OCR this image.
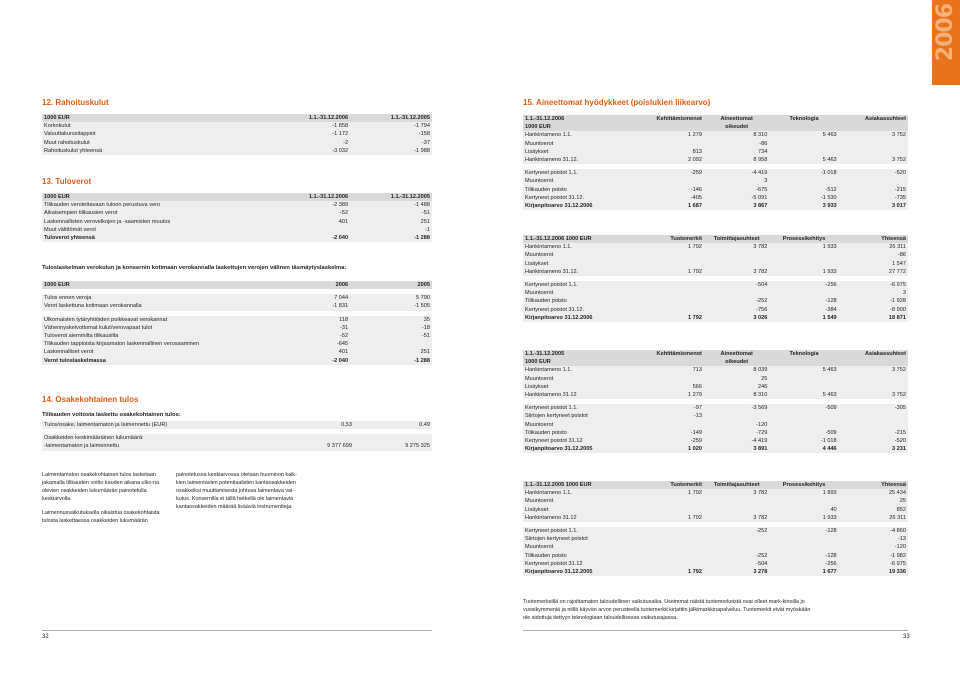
2006
12. Rahoituskulut
1000 EUR	1.1.-31.12.2006	1.1.-31.12.2005
Korkokulut	-1 858	-1 794
Valuuttakurssitappiot	-1 172	-158
Muut rahoituskulut	-2	-37
Rahoituskulut yhteensä	-3 032	-1 988
13. Tuloverot
1000 EUR	1.1.-31.12.2006	1.1.-31.12.2005
Tilikauden verotettavaan tuloon perustuva vero	-2 389	-1 488
Aikaisempien tilikausien verot	-52	-51
Laskennallisten verovelkojen ja -saamisten muutos	401	251
Muut välittömät verot		-1
Tuloverot yhteensä	-2 040	-1 288
Tuloslaskelman verokulun ja konsernin kotimaan verokannalla laskettujen verojen välinen täsmäytyslaskelma:
1000 EUR	2006	2005

Tulos ennen veroja	7 044	5 790
Verot laskettuna kotimaan verokannalla	-1 831	-1 505

Ulkomaisten tytäryhtiöiden poikkeavat verokannat	118	35
Vähennyskelvottomat kulut/verovapaat tulot	-31	-18
Tuloverot aiemmilta tilikausilta	-52	-51
Tilikauden tappioista kirjaamaton laskennallinen verosaaminen	-645	
Laskennalliset verot	401	251
Verot tuloslaskelmassa	-2 040	-1 288
14. Osakekohtainen tulos
Tilikauden voitosta laskettu osakekohtainen tulos:
Tulos/osake, laimentamaton ja laimennettu (EUR)	0,53	0,49

Osakkeiden keskimääräinen lukumäärä:		
-laimentamaton ja laimennettu	9 377 699	9 275 325

Laimentamaton osakekohtainen tulos lasketaan jakamalla tilikauden voitto kauden aikana ulko-na olevien osakkeiden lukumäärän painotetulla keskiarvolla.

Laimennusvaikutuksella oikaistua osakekohtaista tulosta laskettaessa osakkeiden lukumäärän

painotetussa keskiarvossa otetaan huomioon kaik-kien laimentavien potentiaalisten kantaosakkeiden osakkeiksi muuttamisesta johtuva laimentava vai-kutus. Konsernilla ei tällä hetkellä ole laimentavia kantaosakkeiden määrää lisääviä instrumentteja.
32
15. Aineettomat hyödykkeet (poislukien liikearvo)
1.1.-31.12.2006	Kehittämismenot	Aineettomat	Teknologia	Asiakassuhteet
1000 EUR		oikeudet		
Hankintameno 1.1.	1 279	8 310	5 463	3 752
Muuntoerot		-86		
Lisäykset	813	734		
Hankintameno 31.12.	2 092	8 958	5 463	3 752

Kertyneet poistot 1.1.	-259	-4 419	-1 018	-520
Muuntoerot		3		
Tilikauden poisto	-146	-675	-512	-215
Kertyneet poistot 31.12.	-405	-5 091	-1 530	-735
Kirjanpitoarvo 31.12.2006	1 687	3 867	3 933	3 017
1.1.-31.12.2006 1000 EUR	Tuotemerkit	Toimittajasuhteet	Prosessikehitys	Yhteensä
Hankintameno 1.1.	1 792	3 782	1 933	26 311
Muuntoerot				-86
Lisäykset				1 547
Hankintameno 31.12.	1 792	3 782	1 933	27 772

Kertyneet poistot 1.1.		-504	-256	-6 975
Muuntoerot				3
Tilikauden poisto		-252	-128	-1 928
Kertyneet poistot 31.12.		-756	-384	-8 900
Kirjanpitoarvo 31.12.2006	1 792	3 026	1 549	18 871
1.1.-31.12.2005	Kehittämismenot	Aineettomat	Teknologia	Asiakassuhteet
1000 EUR		oikeudet		
Hankintameno 1.1.	713	8 039	5 463	3 752
Muuntoerot		25		
Lisäykset	566	246		
Hankintameno 31.12	1 279	8 310	5 463	3 752

Kertyneet poistot 1.1.	-97	-3 569	-509	-305
Siirtojen kertyneet poistot	-13			
Muuntoerot		-120		
Tilikauden poisto	-149	-729	-509	-215
Kertyneet poistot 31.12	-259	-4 419	-1 018	-520
Kirjanpitoarvo 31.12.2005	1 020	3 891	4 446	3 231
1.1.-31.12.2005 1000 EUR	Tuotemerkit	Toimittajasuhteet	Prosessikehitys	Yhteensä
Hankintameno 1.1.	1 792	3 782	1 893	25 434
Muuntoerot				25
Lisäykset			40	852
Hankintameno 31.12	1 792	3 782	1 933	26 311

Kertyneet poistot 1.1.		-252	-128	-4 860
Siirtojen kertyneet poistot				-13
Muuntoerot				-120
Tilikauden poisto		-252	-128	-1 982
Kertyneet poistot 31.12		-504	-256	-6 975
Kirjanpitoarvo 31.12.2005	1 792	3 278	1 677	19 336
Tuotemerkeillä on rajoittamaton taloudellinen vaikutusaika. Useimmat näistä tuotemerkeistä ovat olleet mark-kinoilla jo vuosikymmeniä ja niillä käyvän arvon perusteella tuotemerkit kirjattiin jälkimarkkinapalveluu. Tuotemerkit eivät myöskään ole sidottuja tiettyyn teknologiaan taloudellisessa vaikutusajassa.
33
